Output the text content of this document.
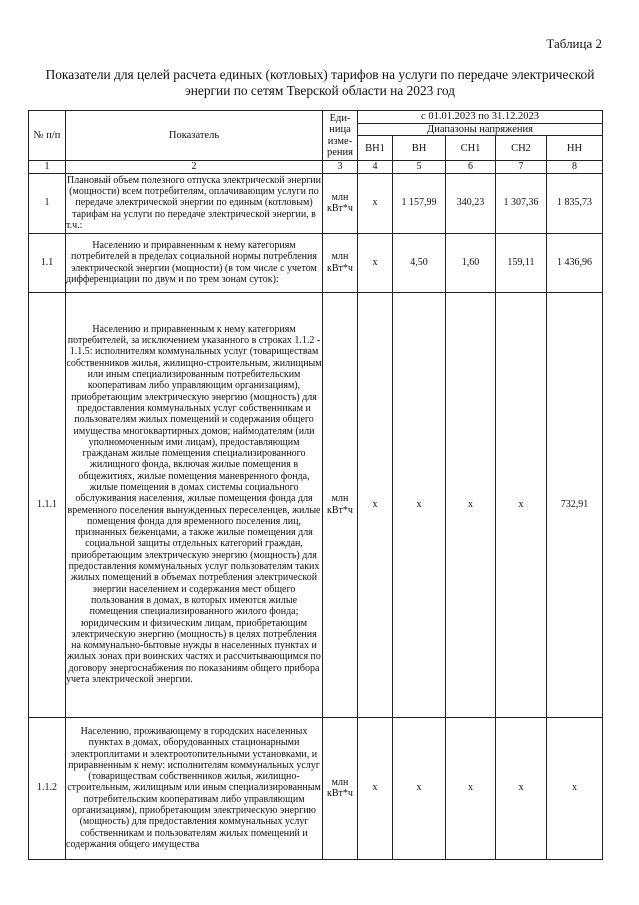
Таблица 2
Показатели для целей расчета единых (котловых) тарифов на услуги по передаче электрической
энергии по сетям Тверской области на 2023 год
№ п/п	Показатель	Еди- ница изме- рения	с 01.01.2023 по 31.12.2023				
			Диапазоны напряжения				
			ВН1	ВН	СН1	СН2	НН
1	2	3	4	5	6	7	8
1	Плановый объем полезного отпуска электрической энергии (мощности) всем потребителям, оплачивающим услуги по передаче электрической энергии по единым (котловым) тарифам на услуги по передаче электрической энергии, в т.ч.:	млн кВт*ч	х	1 157,99	340,23	1 307,36	1 835,73
1.1	Населению и приравненным к нему категориям потребителей в пределах социальной нормы потребления электрической энергии (мощности) (в том числе с учетом дифференциации по двум и по трем зонам суток):	млн кВт*ч	х	4,50	1,60	159,11	1 436,96
1.1.1	Населению и приравненным к нему категориям потребителей, за исключением указанного в строках 1.1.2 - 1.1.5: исполнителям коммунальных услуг (товариществам собственников жилья, жилищно-строительным, жилищным или иным специализированным потребительским кооперативам либо управляющим организациям), приобретающим электрическую энергию (мощность) для предоставления коммунальных услуг собственникам и пользователям жилых помещений и содержания общего имущества многоквартирных домов; наймодателям (или уполномоченным ими лицам), предоставляющим гражданам жилые помещения специализированного жилищного фонда, включая жилые помещения в общежитиях, жилые помещения маневренного фонда, жилые помещения в домах системы социального обслуживания населения, жилые помещения фонда для временного поселения вынужденных переселенцев, жилые помещения фонда для временного поселения лиц, признанных беженцами, а также жилые помещения для социальной защиты отдельных категорий граждан, приобретающим электрическую энергию (мощность) для предоставления коммунальных услуг пользователям таких жилых помещений в объемах потребления электрической энергии населением и содержания мест общего пользования в домах, в которых имеются жилые помещения специализированного жилого фонда; юридическим и физическим лицам, приобретающим электрическую энергию (мощность) в целях потребления на коммунально-бытовые нужды в населенных пунктах и жилых зонах при воинских частях и рассчитывающимся по договору энергоснабжения по показаниям общего прибора учета электрической энергии.	млн кВт*ч	х	х	х	х	732,91
1.1.2	Населению, проживающему в городских населенных пунктах в домах, оборудованных стационарными электроплитами и электроотопительными установками, и приравненным к нему: исполнителям коммунальных услуг (товариществам собственников жилья, жилищно-строительным, жилищным или иным специализированным потребительским кооперативам либо управляющим организациям), приобретающим электрическую энергию (мощность) для предоставления коммунальных услуг собственникам и пользователям жилых помещений и содержания общего имущества	млн кВт*ч	х	х	х	х	х
